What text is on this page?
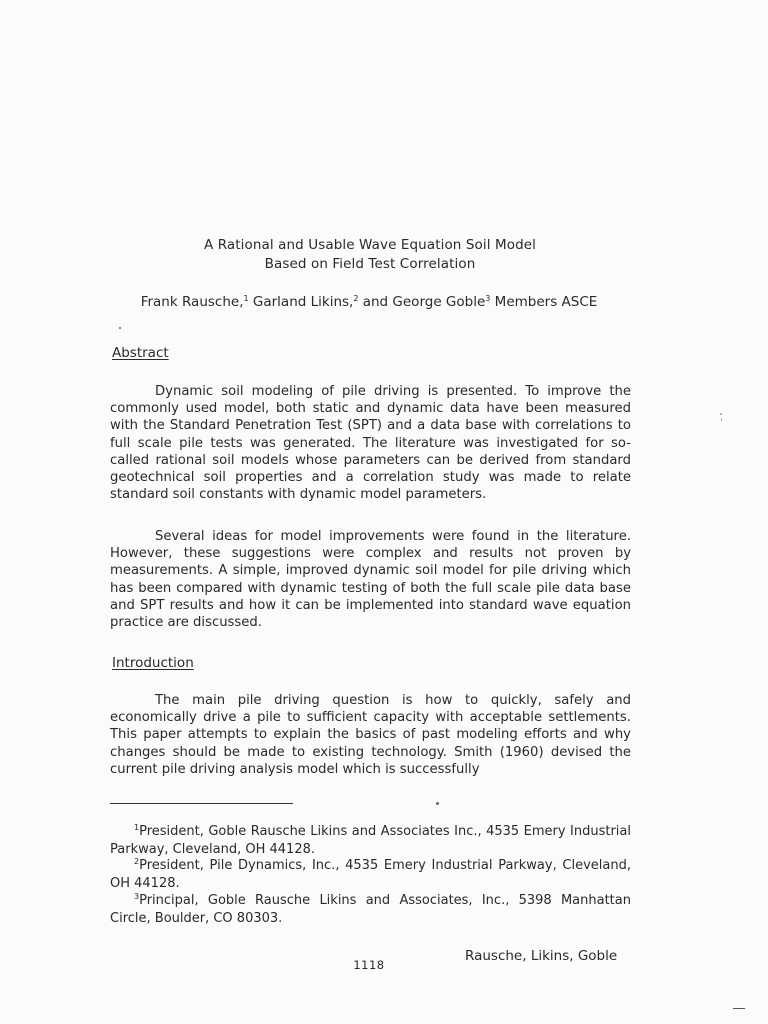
A Rational and Usable Wave Equation Soil Model
Based on Field Test Correlation
Frank Rausche,$^1$ Garland Likins,$^2$ and George Goble$^3$ Members ASCE
Abstract

Dynamic soil modeling of pile driving is presented. To improve the commonly used model, both static and dynamic data have been measured with the Standard Penetration Test (SPT) and a data base with correlations to full scale pile tests was generated. The literature was investigated for so-called rational soil models whose parameters can be derived from standard geotechnical soil properties and a correlation study was made to relate standard soil constants with dynamic model parameters.

Several ideas for model improvements were found in the literature. However, these suggestions were complex and results not proven by measurements. A simple, improved dynamic soil model for pile driving which has been compared with dynamic testing of both the full scale pile data base and SPT results and how it can be implemented into standard wave equation practice are discussed.

Introduction

The main pile driving question is how to quickly, safely and economically drive a pile to sufficient capacity with acceptable settlements. This paper attempts to explain the basics of past modeling efforts and why changes should be made to existing technology. Smith (1960) devised the current pile driving analysis model which is successfully

$^1$President, Goble Rausche Likins and Associates Inc., 4535 Emery Industrial Parkway, Cleveland, OH 44128.

$^2$President, Pile Dynamics, Inc., 4535 Emery Industrial Parkway, Cleveland, OH 44128.

$^3$Principal, Goble Rausche Likins and Associates, Inc., 5398 Manhattan Circle, Boulder, CO 80303.

1118
Rausche, Likins, Goble
